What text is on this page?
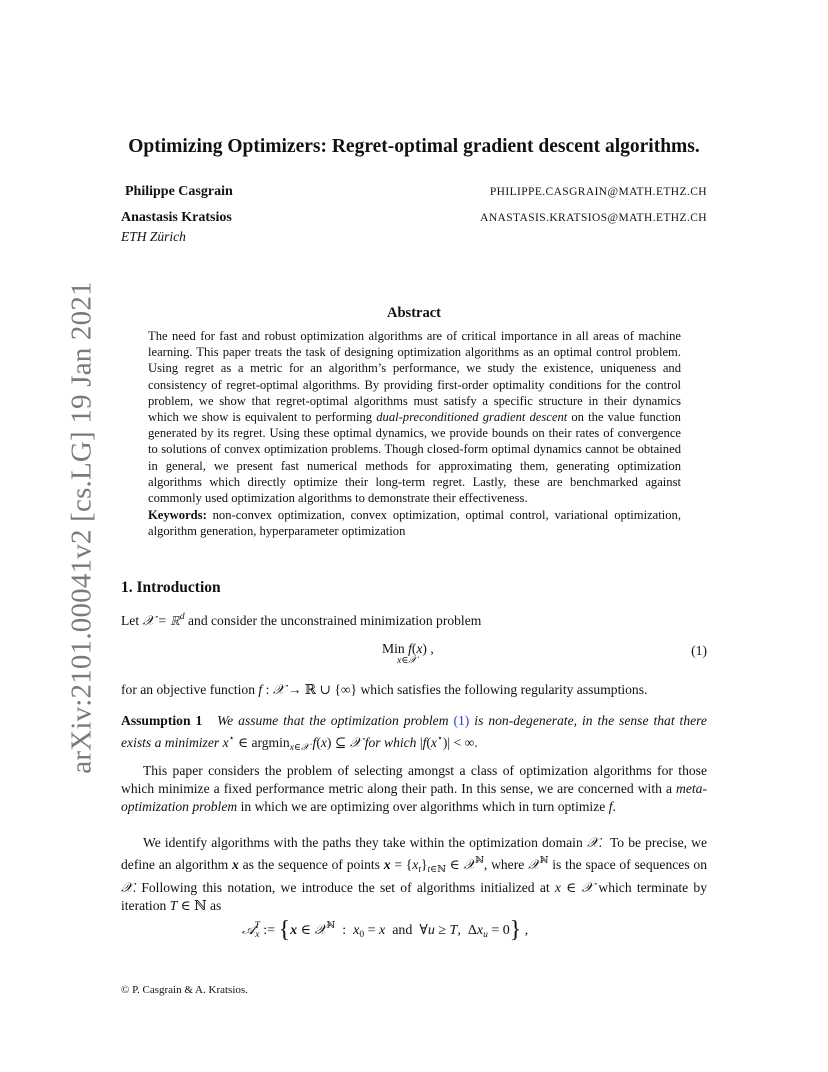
arXiv:2101.00041v2 [cs.LG] 19 Jan 2021
Optimizing Optimizers: Regret-optimal gradient descent algorithms.
Philippe Casgrain	PHILIPPE.CASGRAIN@MATH.ETHZ.CH
Anastasis Kratsios	ANASTASIS.KRATSIOS@MATH.ETHZ.CH
ETH Zürich
Abstract

The need for fast and robust optimization algorithms are of critical importance in all areas of machine learning. This paper treats the task of designing optimization algorithms as an optimal control problem. Using regret as a metric for an algorithm’s performance, we study the existence, uniqueness and consistency of regret-optimal algorithms. By providing first-order optimality conditions for the control problem, we show that regret-optimal algorithms must satisfy a specific structure in their dynamics which we show is equivalent to performing dual-preconditioned gradient descent on the value function generated by its regret. Using these optimal dynamics, we provide bounds on their rates of convergence to solutions of convex optimization problems. Though closed-form optimal dynamics cannot be obtained in general, we present fast numerical methods for approximating them, generating optimization algorithms which directly optimize their long-term regret. Lastly, these are benchmarked against commonly used optimization algorithms to demonstrate their effectiveness.

Keywords: non-convex optimization, convex optimization, optimal control, variational optimization, algorithm generation, hyperparameter optimization

1. Introduction
Let 𝒳 = ℝ$^d$ and consider the unconstrained minimization problem
Min f(x) ,
x∈𝒳
(1)
for an objective function f : 𝒳 → ℝ ∪ {∞} which satisfies the following regularity assumptions.
Assumption 1 We assume that the optimization problem (1) is non-degenerate, in the sense that there exists a minimizer x⋆ ∈ argmin$_{x\in 𝒳}$ f(x) ⊆ 𝒳 for which |f(x⋆)| < ∞.
This paper considers the problem of selecting amongst a class of optimization algorithms for those which minimize a fixed performance metric along their path. In this sense, we are concerned with a meta-optimization problem in which we are optimizing over algorithms which in turn optimize f.
We identify algorithms with the paths they take within the optimization domain 𝒳.  To be precise, we define an algorithm x as the sequence of points $x = \{x_t\}_{t\in ℕ}$ ∈ 𝒳$^ℕ$, where 𝒳$^ℕ$ is the space of sequences on 𝒳. Following this notation, we introduce the set of algorithms initialized at x ∈ 𝒳 which terminate by iteration T ∈ ℕ as
𝒜$_x^T$ := {x ∈ 𝒳$^ℕ$  :  $x_0 = x$  and  ∀u ≥ T,  $\Delta x_u = 0$} ,
© P. Casgrain & A. Kratsios.
